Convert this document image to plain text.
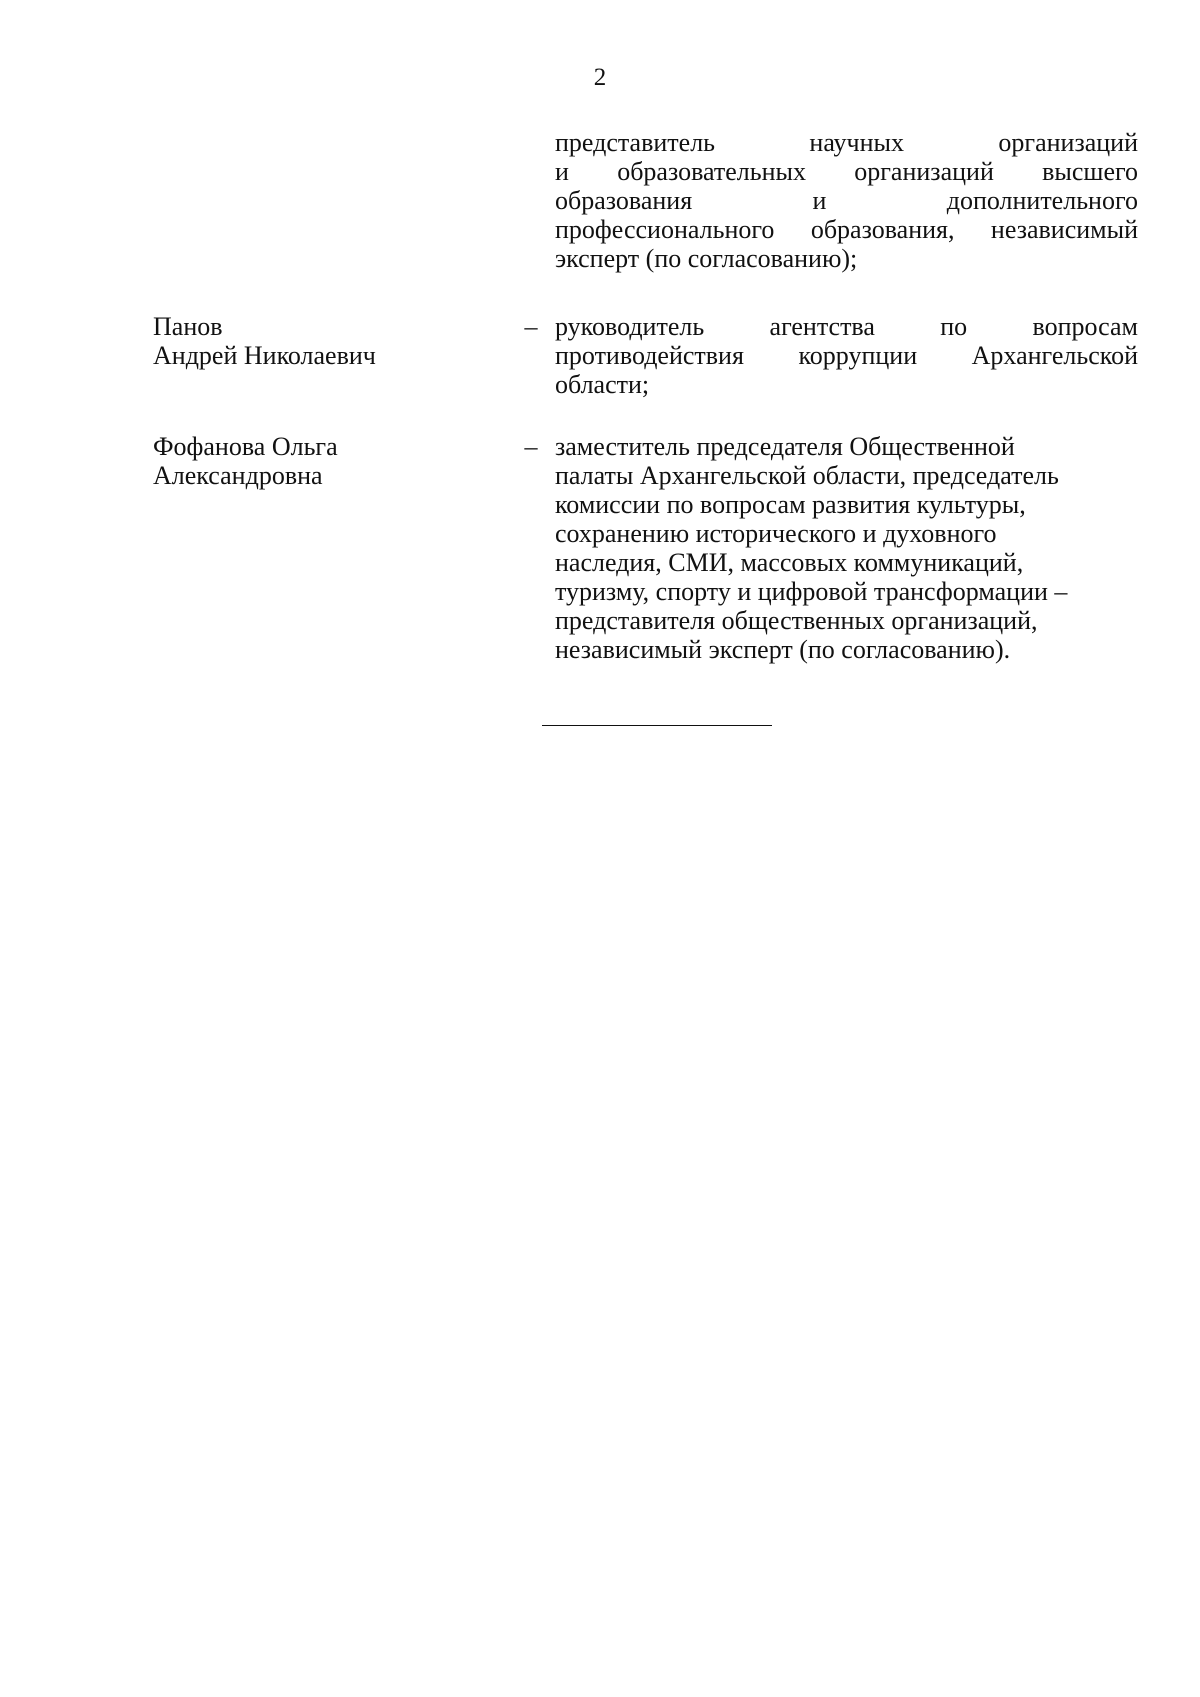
2
представитель научных организаций
и образовательных организаций высшего
образования и дополнительного
профессионального образования, независимый
эксперт (по согласованию);
Панов
Андрей Николаевич
– руководитель агентства по вопросам
противодействия коррупции Архангельской
области;
Фофанова Ольга
Александровна
– заместитель председателя Общественной
палаты Архангельской области, председатель
комиссии по вопросам развития культуры,
сохранению исторического и духовного
наследия, СМИ, массовых коммуникаций,
туризму, спорту и цифровой трансформации –
представителя общественных организаций,
независимый эксперт (по согласованию).
